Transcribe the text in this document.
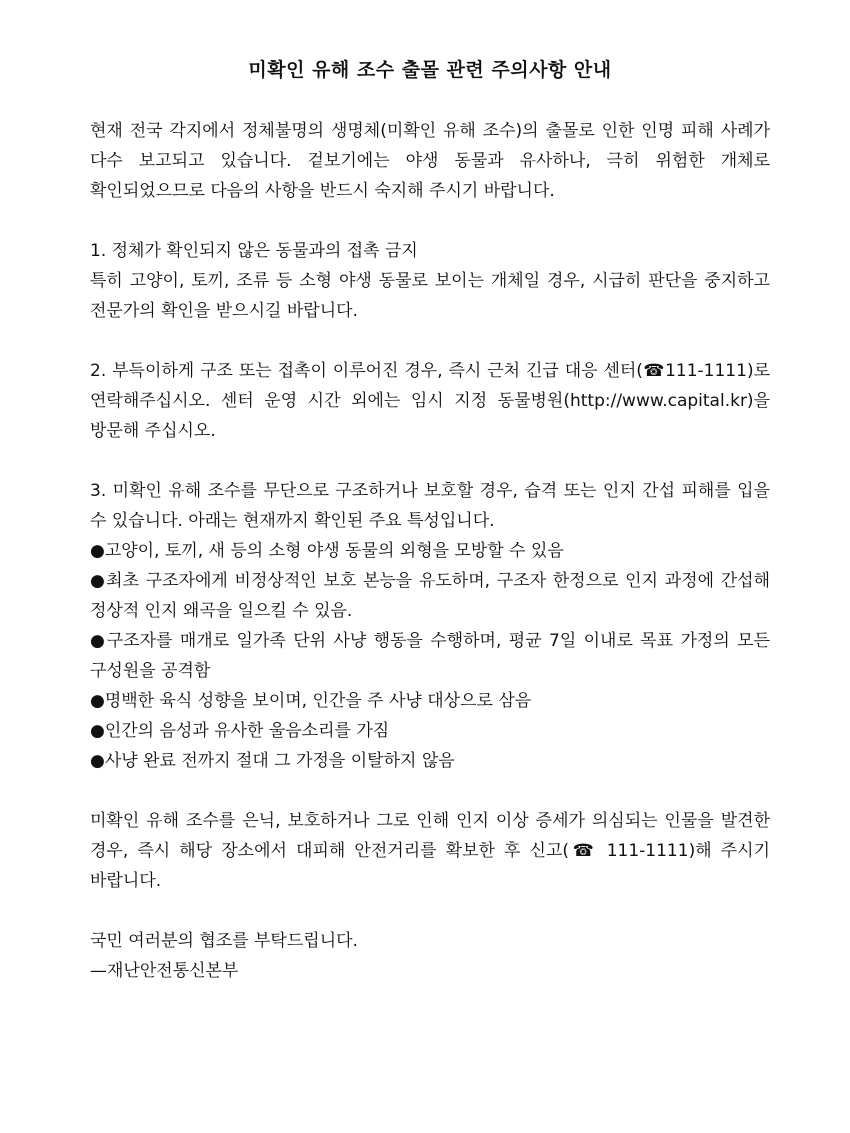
미확인 유해 조수 출몰 관련 주의사항 안내

현재 전국 각지에서 정체불명의 생명체(미확인 유해 조수)의 출몰로 인한 인명 피해 사례가 다수 보고되고 있습니다. 겉보기에는 야생 동물과 유사하나, 극히 위험한 개체로 확인되었으므로 다음의 사항을 반드시 숙지해 주시기 바랍니다.

1. 정체가 확인되지 않은 동물과의 접촉 금지
특히 고양이, 토끼, 조류 등 소형 야생 동물로 보이는 개체일 경우, 시급히 판단을 중지하고 전문가의 확인을 받으시길 바랍니다.
2. 부득이하게 구조 또는 접촉이 이루어진 경우, 즉시 근처 긴급 대응 센터(☎111-1111)로 연락해주십시오. 센터 운영 시간 외에는 임시 지정 동물병원(http://www.capital.kr)을 방문해 주십시오.
3. 미확인 유해 조수를 무단으로 구조하거나 보호할 경우, 습격 또는 인지 간섭 피해를 입을 수 있습니다. 아래는 현재까지 확인된 주요 특성입니다.
●고양이, 토끼, 새 등의 소형 야생 동물의 외형을 모방할 수 있음
●최초 구조자에게 비정상적인 보호 본능을 유도하며, 구조자 한정으로 인지 과정에 간섭해 정상적 인지 왜곡을 일으킬 수 있음.
●구조자를 매개로 일가족 단위 사냥 행동을 수행하며, 평균 7일 이내로 목표 가정의 모든 구성원을 공격함
●명백한 육식 성향을 보이며, 인간을 주 사냥 대상으로 삼음
●인간의 음성과 유사한 울음소리를 가짐
●사냥 완료 전까지 절대 그 가정을 이탈하지 않음

미확인 유해 조수를 은닉, 보호하거나 그로 인해 인지 이상 증세가 의심되는 인물을 발견한 경우, 즉시 해당 장소에서 대피해 안전거리를 확보한 후 신고(☎ 111-1111)해 주시기 바랍니다.

국민 여러분의 협조를 부탁드립니다.
—재난안전통신본부
